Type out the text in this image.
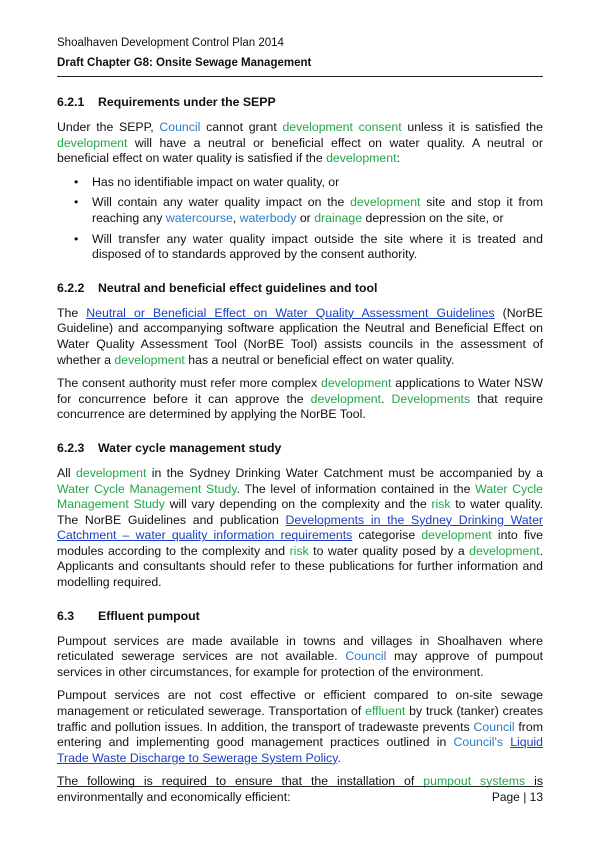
Shoalhaven Development Control Plan 2014
Draft Chapter G8: Onsite Sewage Management
6.2.1 Requirements under the SEPP

Under the SEPP, Council cannot grant development consent unless it is satisfied the development will have a neutral or beneficial effect on water quality. A neutral or beneficial effect on water quality is satisfied if the development:

• Has no identifiable impact on water quality, or
• Will contain any water quality impact on the development site and stop it from reaching any watercourse, waterbody or drainage depression on the site, or
• Will transfer any water quality impact outside the site where it is treated and disposed of to standards approved by the consent authority.
6.2.2 Neutral and beneficial effect guidelines and tool

The Neutral or Beneficial Effect on Water Quality Assessment Guidelines (NorBE Guideline) and accompanying software application the Neutral and Beneficial Effect on Water Quality Assessment Tool (NorBE Tool) assists councils in the assessment of whether a development has a neutral or beneficial effect on water quality.

The consent authority must refer more complex development applications to Water NSW for concurrence before it can approve the development. Developments that require concurrence are determined by applying the NorBE Tool.

6.2.3 Water cycle management study

All development in the Sydney Drinking Water Catchment must be accompanied by a Water Cycle Management Study. The level of information contained in the Water Cycle Management Study will vary depending on the complexity and the risk to water quality. The NorBE Guidelines and publication Developments in the Sydney Drinking Water Catchment – water quality information requirements categorise development into five modules according to the complexity and risk to water quality posed by a development. Applicants and consultants should refer to these publications for further information and modelling required.

6.3 Effluent pumpout

Pumpout services are made available in towns and villages in Shoalhaven where reticulated sewerage services are not available. Council may approve of pumpout services in other circumstances, for example for protection of the environment.

Pumpout services are not cost effective or efficient compared to on-site sewage management or reticulated sewerage. Transportation of effluent by truck (tanker) creates traffic and pollution issues. In addition, the transport of tradewaste prevents Council from entering and implementing good management practices outlined in Council's Liquid Trade Waste Discharge to Sewerage System Policy.

The following is required to ensure that the installation of pumpout systems is environmentally and economically efficient:	Page | 13
